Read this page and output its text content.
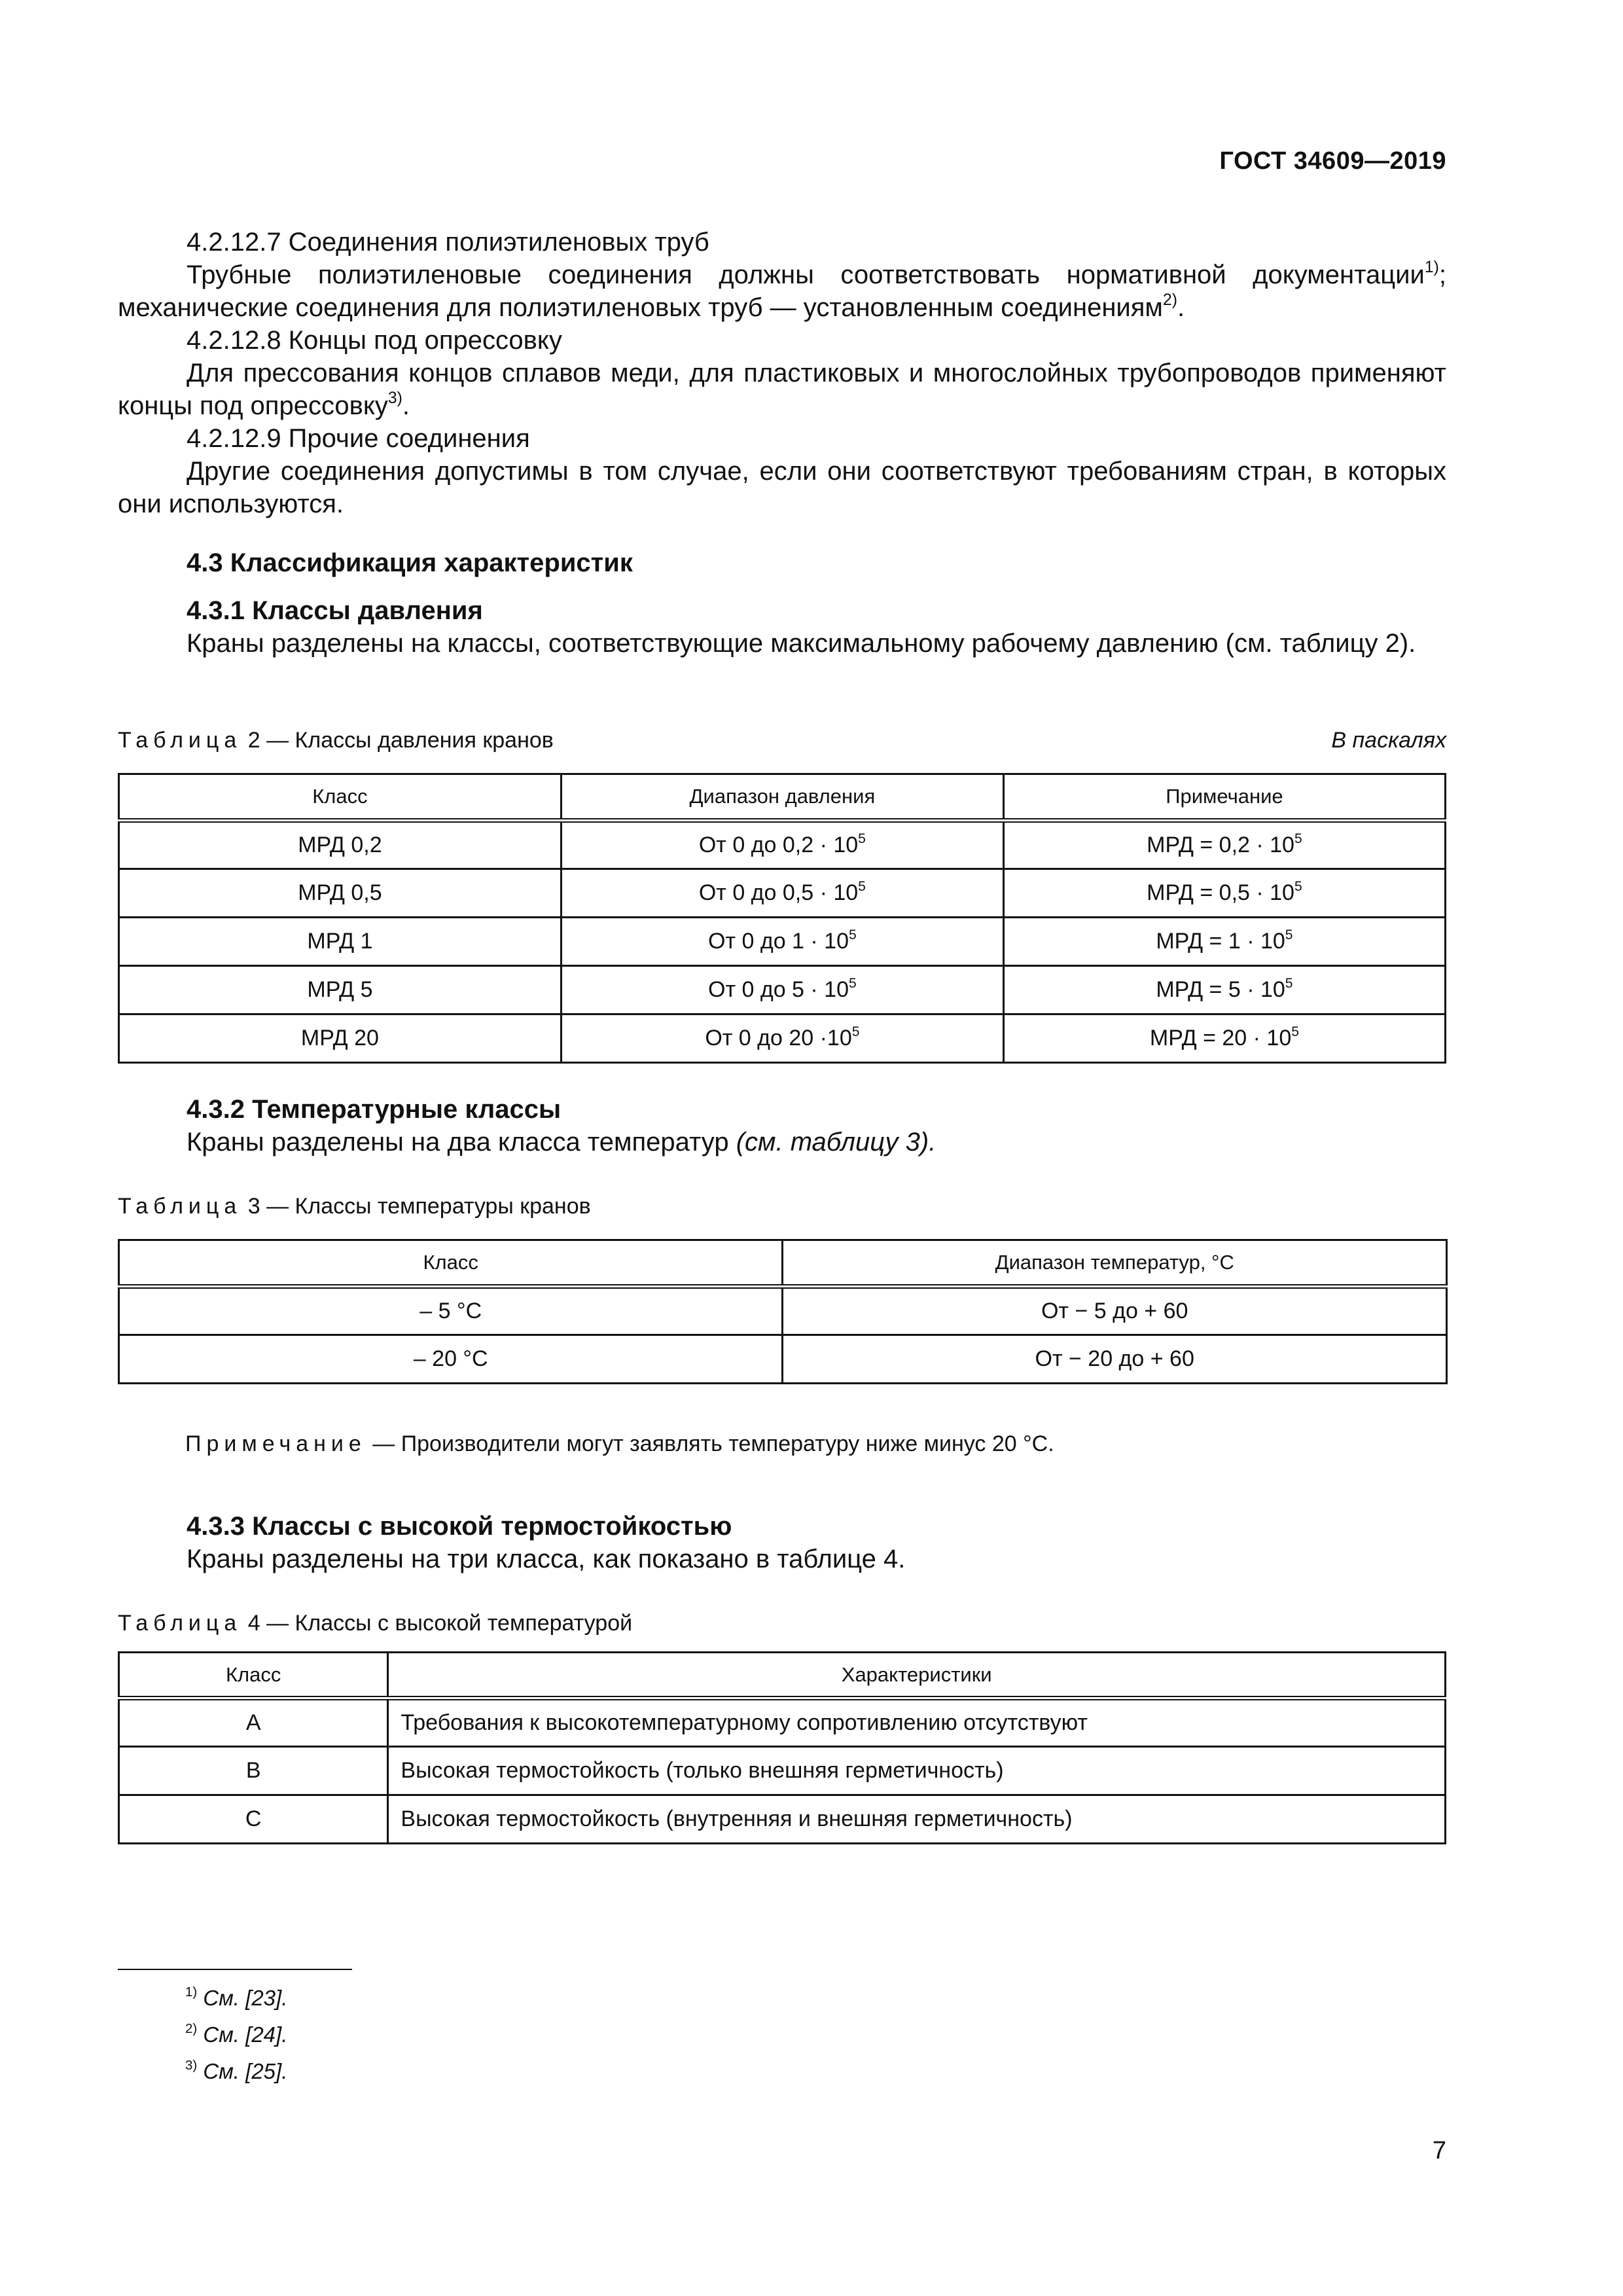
ГОСТ 34609—2019
4.2.12.7 Соединения полиэтиленовых труб
Трубные полиэтиленовые соединения должны соответствовать нормативной документации$^{1)}$; механические соединения для полиэтиленовых труб — установленным соединениям$^{2)}$.
4.2.12.8 Концы под опрессовку
Для прессования концов сплавов меди, для пластиковых и многослойных трубопроводов применяют концы под опрессовку$^{3)}$.
4.2.12.9 Прочие соединения
Другие соединения допустимы в том случае, если они соответствуют требованиям стран, в которых они используются.
4.3 Классификация характеристик
4.3.1 Классы давления
Краны разделены на классы, соответствующие максимальному рабочему давлению (см. таблицу 2).
Таблица 2 — Классы давления кранов	В паскалях
Класс	Диапазон давления	Примечание
МРД 0,2	От 0 до $0,2 \cdot 10^5$	МРД = $0,2 \cdot 10^5$
МРД 0,5	От 0 до $0,5 \cdot 10^5$	МРД = $0,5 \cdot 10^5$
МРД 1	От 0 до $1 \cdot 10^5$	МРД = $1 \cdot 10^5$
МРД 5	От 0 до $5 \cdot 10^5$	МРД = $5 \cdot 10^5$
МРД 20	От 0 до $20 \cdot 10^5$	МРД = $20 \cdot 10^5$
4.3.2 Температурные классы
Краны разделены на два класса температур (см. таблицу 3).
Таблица 3 — Классы температуры кранов
Класс	Диапазон температур, °С
– 5 °С	От − 5 до + 60
– 20 °С	От − 20 до + 60
Примечание — Производители могут заявлять температуру ниже минус 20 °С.
4.3.3 Классы с высокой термостойкостью
Краны разделены на три класса, как показано в таблице 4.
Таблица 4 — Классы с высокой температурой
Класс	Характеристики
А	Требования к высокотемпературному сопротивлению отсутствуют
В	Высокая термостойкость (только внешняя герметичность)
С	Высокая термостойкость (внутренняя и внешняя герметичность)
$^{1)}$ См. [23].
$^{2)}$ См. [24].
$^{3)}$ См. [25].
7
